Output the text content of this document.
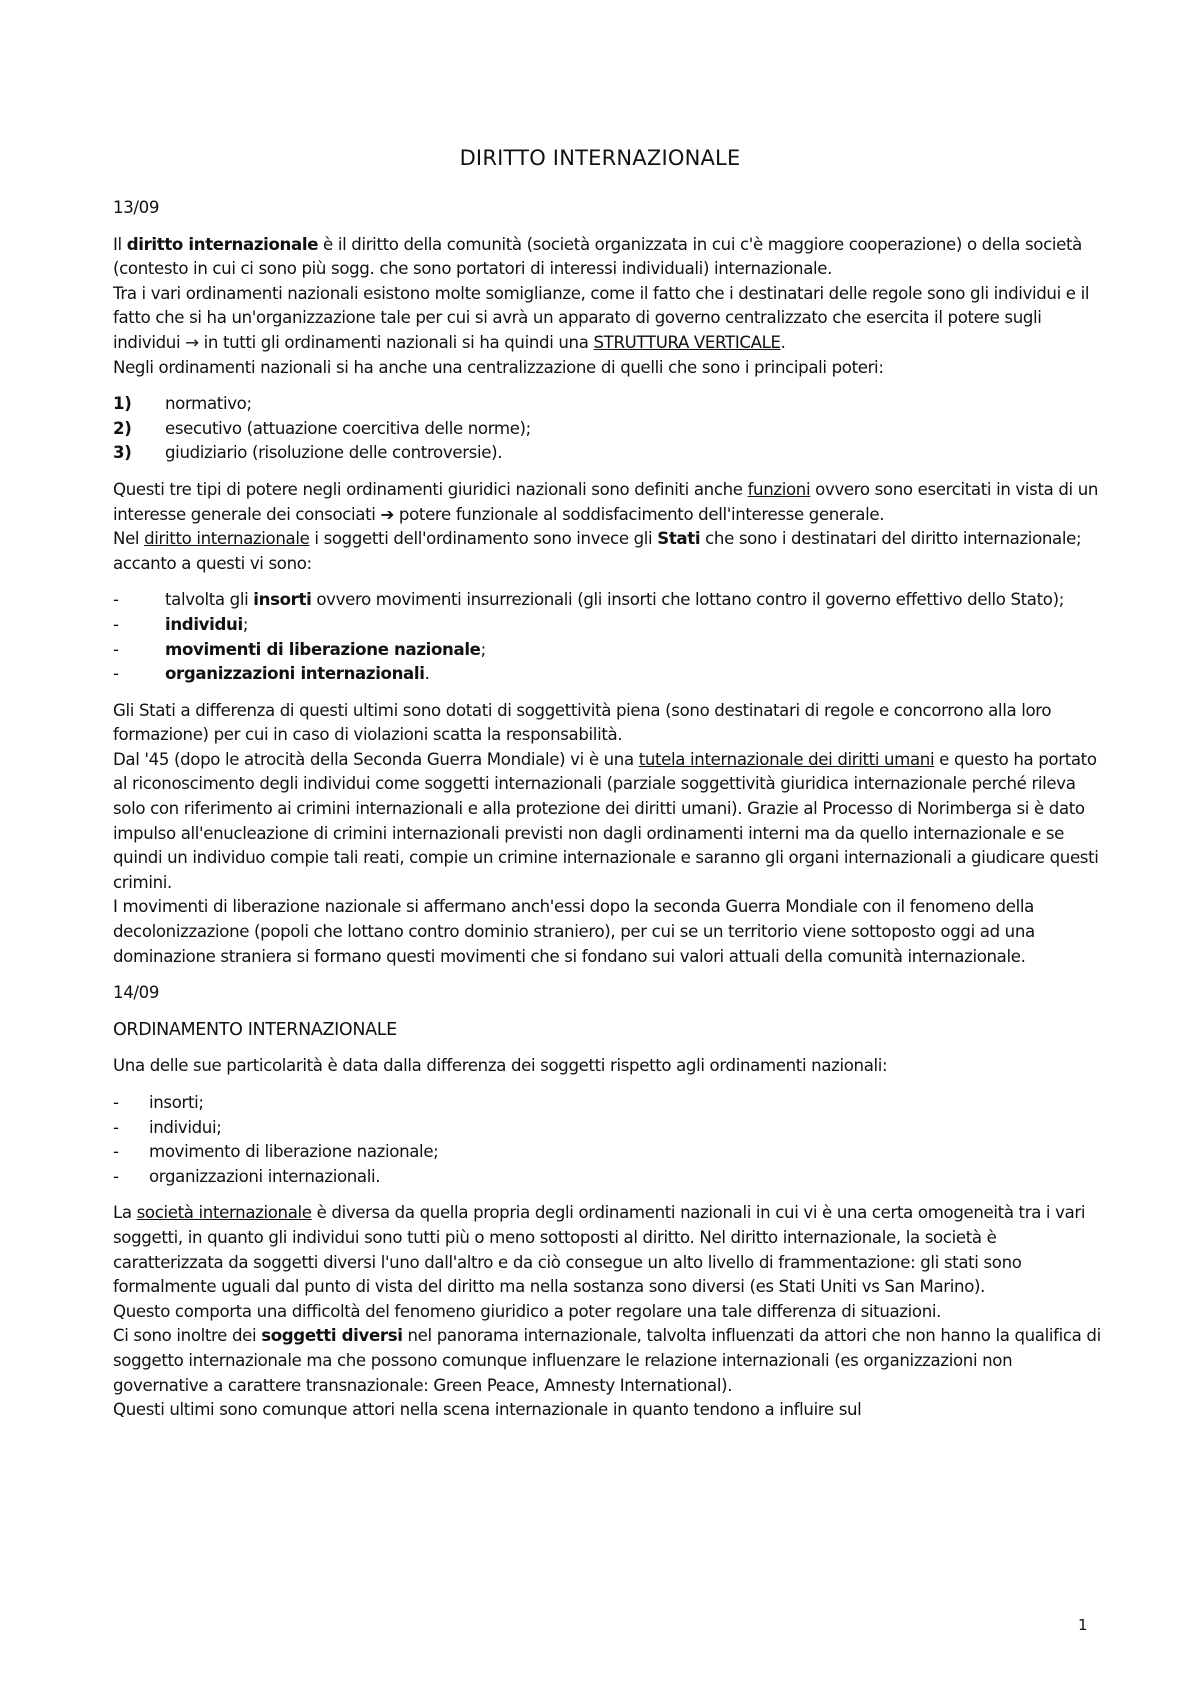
DIRITTO INTERNAZIONALE

13/09

Il diritto internazionale è il diritto della comunità (società organizzata in cui c'è maggiore cooperazione) o della società (contesto in cui ci sono più sogg. che sono portatori di interessi individuali) internazionale.

Tra i vari ordinamenti nazionali esistono molte somiglianze, come il fatto che i destinatari delle regole sono gli individui e il fatto che si ha un'organizzazione tale per cui si avrà un apparato di governo centralizzato che esercita il potere sugli individui → in tutti gli ordinamenti nazionali si ha quindi una STRUTTURA VERTICALE.

Negli ordinamenti nazionali si ha anche una centralizzazione di quelli che sono i principali poteri:

1)	normativo;
2)	esecutivo (attuazione coercitiva delle norme);
3)	giudiziario (risoluzione delle controversie).

Questi tre tipi di potere negli ordinamenti giuridici nazionali sono definiti anche funzioni ovvero sono esercitati in vista di un interesse generale dei consociati ➔ potere funzionale al soddisfacimento dell'interesse generale.

Nel diritto internazionale i soggetti dell'ordinamento sono invece gli Stati che sono i destinatari del diritto internazionale; accanto a questi vi sono:

-	talvolta gli insorti ovvero movimenti insurrezionali (gli insorti che lottano contro il governo effettivo dello Stato);
-	individui;
-	movimenti di liberazione nazionale;
-	organizzazioni internazionali.

Gli Stati a differenza di questi ultimi sono dotati di soggettività piena (sono destinatari di regole e concorrono alla loro formazione) per cui in caso di violazioni scatta la responsabilità.

Dal '45 (dopo le atrocità della Seconda Guerra Mondiale) vi è una tutela internazionale dei diritti umani e questo ha portato al riconoscimento degli individui come soggetti internazionali (parziale soggettività giuridica internazionale perché rileva solo con riferimento ai crimini internazionali e alla protezione dei diritti umani). Grazie al Processo di Norimberga si è dato impulso all'enucleazione di crimini internazionali previsti non dagli ordinamenti interni ma da quello internazionale e se quindi un individuo compie tali reati, compie un crimine internazionale e saranno gli organi internazionali a giudicare questi crimini.

I movimenti di liberazione nazionale si affermano anch'essi dopo la seconda Guerra Mondiale con il fenomeno della decolonizzazione (popoli che lottano contro dominio straniero), per cui se un territorio viene sottoposto oggi ad una dominazione straniera si formano questi movimenti che si fondano sui valori attuali della comunità internazionale.

14/09

ORDINAMENTO INTERNAZIONALE

Una delle sue particolarità è data dalla differenza dei soggetti rispetto agli ordinamenti nazionali:

-	insorti;
-	individui;
-	movimento di liberazione nazionale;
-	organizzazioni internazionali.

La società internazionale è diversa da quella propria degli ordinamenti nazionali in cui vi è una certa omogeneità tra i vari soggetti, in quanto gli individui sono tutti più o meno sottoposti al diritto. Nel diritto internazionale, la società è caratterizzata da soggetti diversi l'uno dall'altro e da ciò consegue un alto livello di frammentazione: gli stati sono formalmente uguali dal punto di vista del diritto ma nella sostanza sono diversi (es Stati Uniti vs San Marino).

Questo comporta una difficoltà del fenomeno giuridico a poter regolare una tale differenza di situazioni.

Ci sono inoltre dei soggetti diversi nel panorama internazionale, talvolta influenzati da attori che non hanno la qualifica di soggetto internazionale ma che possono comunque influenzare le relazione internazionali (es organizzazioni non governative a carattere transnazionale: Green Peace, Amnesty International).

Questi ultimi sono comunque attori nella scena internazionale in quanto tendono a influire sul

1
